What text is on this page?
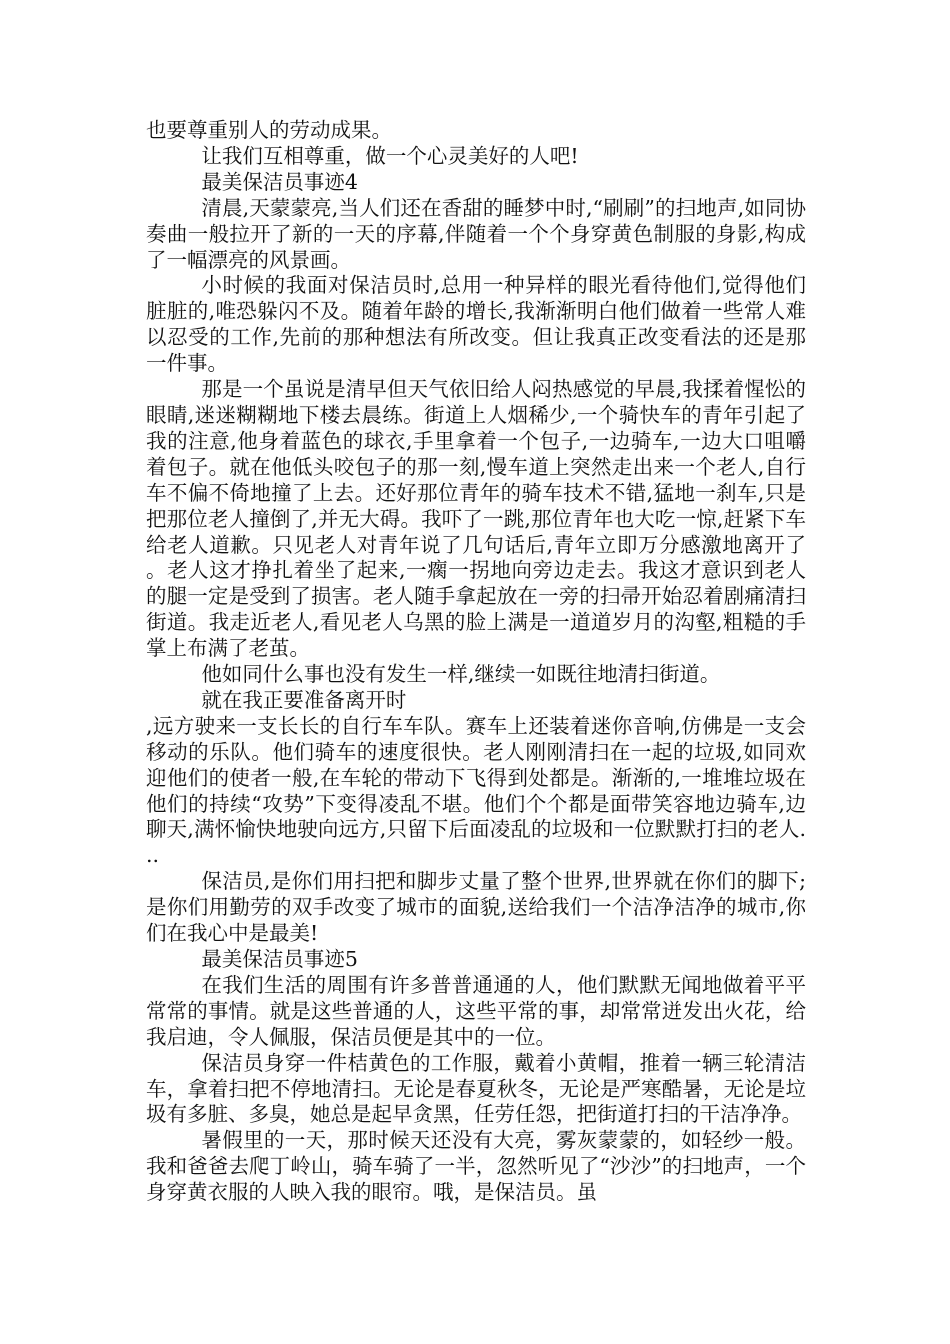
也要尊重别人的劳动成果。

让我们互相尊重，做一个心灵美好的人吧!

最美保洁员事迹4

清晨,天蒙蒙亮,当人们还在香甜的睡梦中时,“刷刷”的扫地声,如同协奏曲一般拉开了新的一天的序幕,伴随着一个个身穿黄色制服的身影,构成了一幅漂亮的风景画。

小时候的我面对保洁员时,总用一种异样的眼光看待他们,觉得他们脏脏的,唯恐躲闪不及。随着年龄的增长,我渐渐明白他们做着一些常人难以忍受的工作,先前的那种想法有所改变。但让我真正改变看法的还是那一件事。

那是一个虽说是清早但天气依旧给人闷热感觉的早晨,我揉着惺忪的眼睛,迷迷糊糊地下楼去晨练。街道上人烟稀少,一个骑快车的青年引起了我的注意,他身着蓝色的球衣,手里拿着一个包子,一边骑车,一边大口咀嚼着包子。就在他低头咬包子的那一刻,慢车道上突然走出来一个老人,自行车不偏不倚地撞了上去。还好那位青年的骑车技术不错,猛地一刹车,只是把那位老人撞倒了,并无大碍。我吓了一跳,那位青年也大吃一惊,赶紧下车给老人道歉。只见老人对青年说了几句话后,青年立即万分感激地离开了。老人这才挣扎着坐了起来,一瘸一拐地向旁边走去。我这才意识到老人的腿一定是受到了损害。老人随手拿起放在一旁的扫帚开始忍着剧痛清扫街道。我走近老人,看见老人乌黑的脸上满是一道道岁月的沟壑,粗糙的手掌上布满了老茧。

他如同什么事也没有发生一样,继续一如既往地清扫街道。

就在我正要准备离开时

,远方驶来一支长长的自行车车队。赛车上还装着迷你音响,仿佛是一支会移动的乐队。他们骑车的速度很快。老人刚刚清扫在一起的垃圾,如同欢迎他们的使者一般,在车轮的带动下飞得到处都是。渐渐的,一堆堆垃圾在他们的持续“攻势”下变得凌乱不堪。他们个个都是面带笑容地边骑车,边聊天,满怀愉快地驶向远方,只留下后面凌乱的垃圾和一位默默打扫的老人...

保洁员,是你们用扫把和脚步丈量了整个世界,世界就在你们的脚下;是你们用勤劳的双手改变了城市的面貌,送给我们一个洁净洁净的城市,你们在我心中是最美!

最美保洁员事迹5

在我们生活的周围有许多普普通通的人，他们默默无闻地做着平平常常的事情。就是这些普通的人，这些平常的事，却常常迸发出火花，给我启迪，令人佩服，保洁员便是其中的一位。

保洁员身穿一件桔黄色的工作服，戴着小黄帽，推着一辆三轮清洁车，拿着扫把不停地清扫。无论是春夏秋冬，无论是严寒酷暑，无论是垃圾有多脏、多臭，她总是起早贪黑，任劳任怨，把街道打扫的干洁净净。

暑假里的一天，那时候天还没有大亮，雾灰蒙蒙的，如轻纱一般。我和爸爸去爬丁岭山，骑车骑了一半，忽然听见了“沙沙”的扫地声，一个身穿黄衣服的人映入我的眼帘。哦，是保洁员。虽
